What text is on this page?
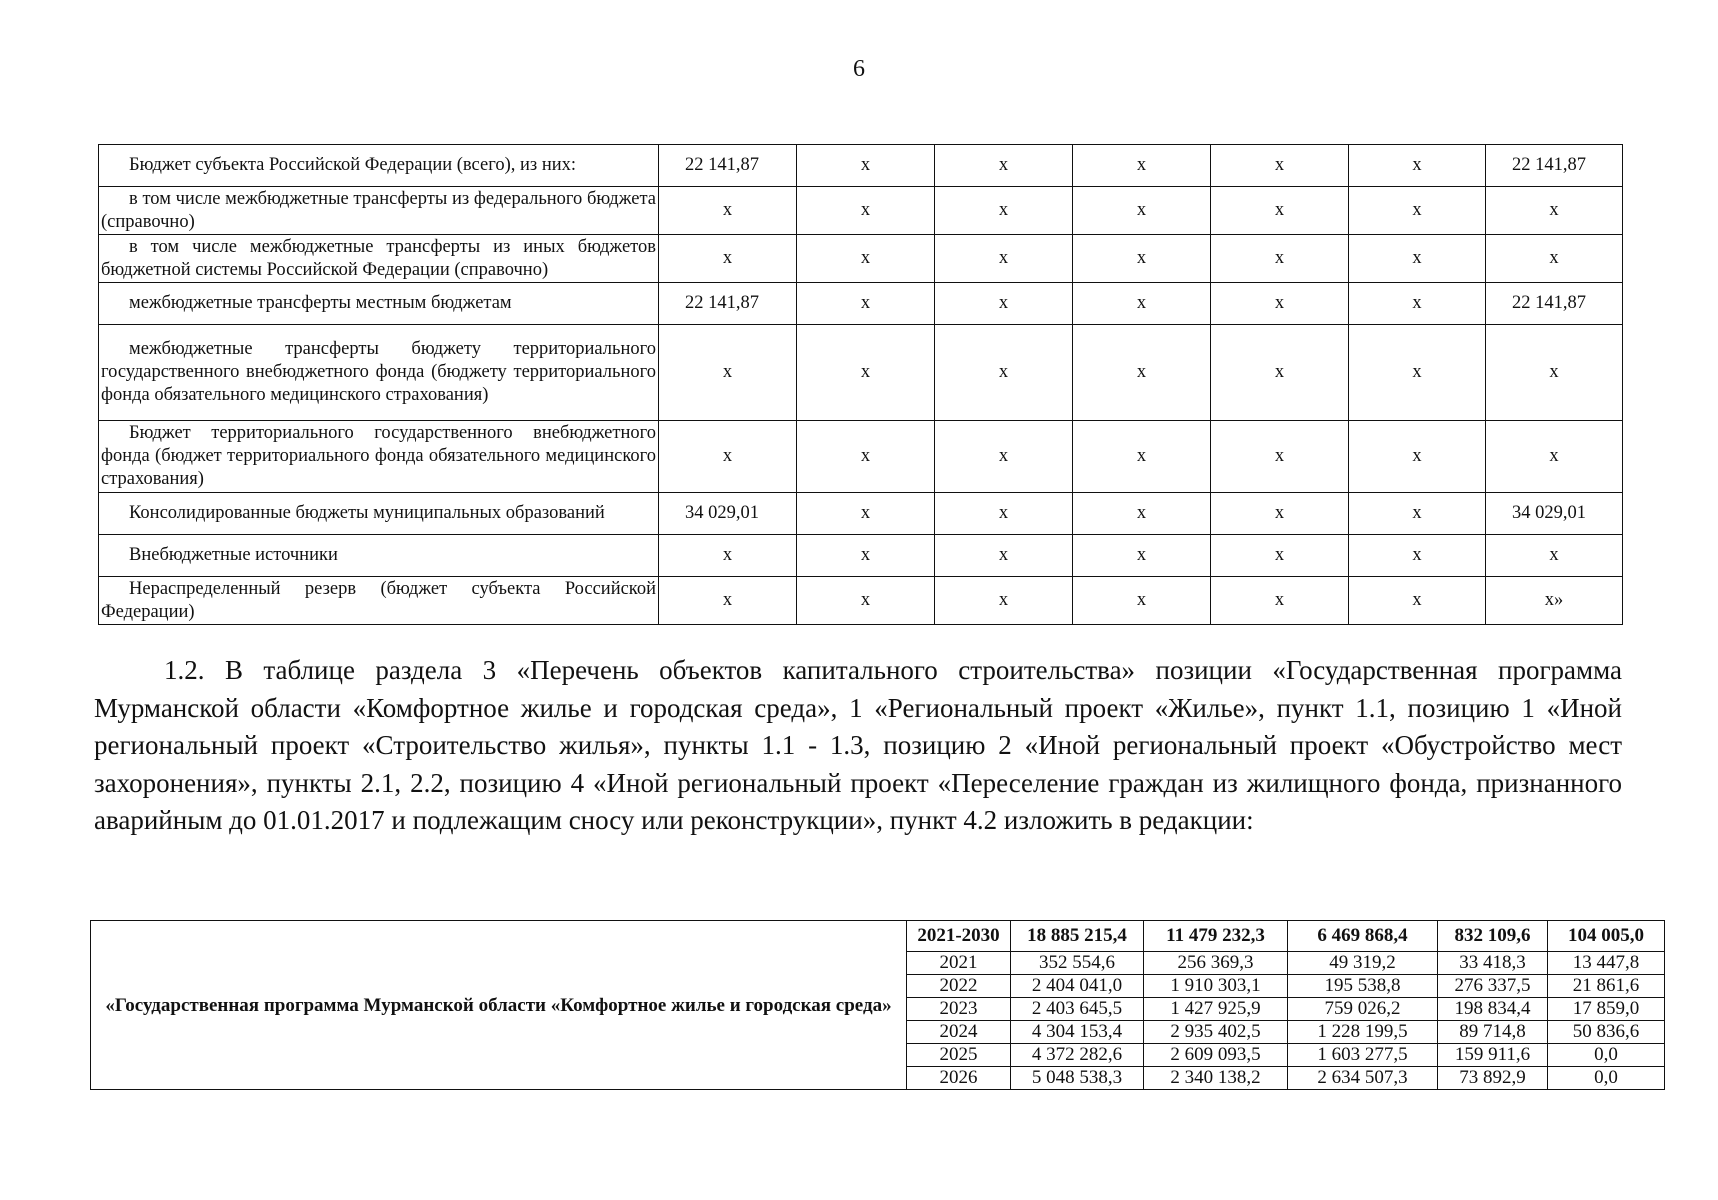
6
Бюджет субъекта Российской Федерации (всего), из них:	22 141,87	х	х	х	х	х	22 141,87
в том числе межбюджетные трансферты из федерального бюджета (справочно)	х	х	х	х	х	х	х
в том числе межбюджетные трансферты из иных бюджетов бюджетной системы Российской Федерации (справочно)	х	х	х	х	х	х	х
межбюджетные трансферты местным бюджетам	22 141,87	х	х	х	х	х	22 141,87
межбюджетные трансферты бюджету территориального государственного внебюджетного фонда (бюджету территориального фонда обязательного медицинского страхования)	х	х	х	х	х	х	х
Бюджет территориального государственного внебюджетного фонда (бюджет территориального фонда обязательного медицинского страхования)	х	х	х	х	х	х	х
Консолидированные бюджеты муниципальных образований	34 029,01	х	х	х	х	х	34 029,01
Внебюджетные источники	х	х	х	х	х	х	х
Нераспределенный резерв (бюджет субъекта Российской Федерации)	х	х	х	х	х	х	х»
1.2. В таблице раздела 3 «Перечень объектов капитального строительства» позиции «Государственная программа Мурманской области «Комфортное жилье и городская среда», 1 «Региональный проект «Жилье», пункт 1.1, позицию 1 «Иной региональный проект «Строительство жилья», пункты 1.1 - 1.3, позицию 2 «Иной региональный проект «Обустройство мест захоронения», пункты 2.1, 2.2, позицию 4 «Иной региональный проект «Переселение граждан из жилищного фонда, признанного аварийным до 01.01.2017 и подлежащим сносу или реконструкции», пункт 4.2 изложить в редакции:
«Государственная программа Мурманской области «Комфортное жилье и городская среда»	2021-2030	18 885 215,4	11 479 232,3	6 469 868,4	832 109,6	104 005,0
	2021	352 554,6	256 369,3	49 319,2	33 418,3	13 447,8
	2022	2 404 041,0	1 910 303,1	195 538,8	276 337,5	21 861,6
	2023	2 403 645,5	1 427 925,9	759 026,2	198 834,4	17 859,0
	2024	4 304 153,4	2 935 402,5	1 228 199,5	89 714,8	50 836,6
	2025	4 372 282,6	2 609 093,5	1 603 277,5	159 911,6	0,0
	2026	5 048 538,3	2 340 138,2	2 634 507,3	73 892,9	0,0
